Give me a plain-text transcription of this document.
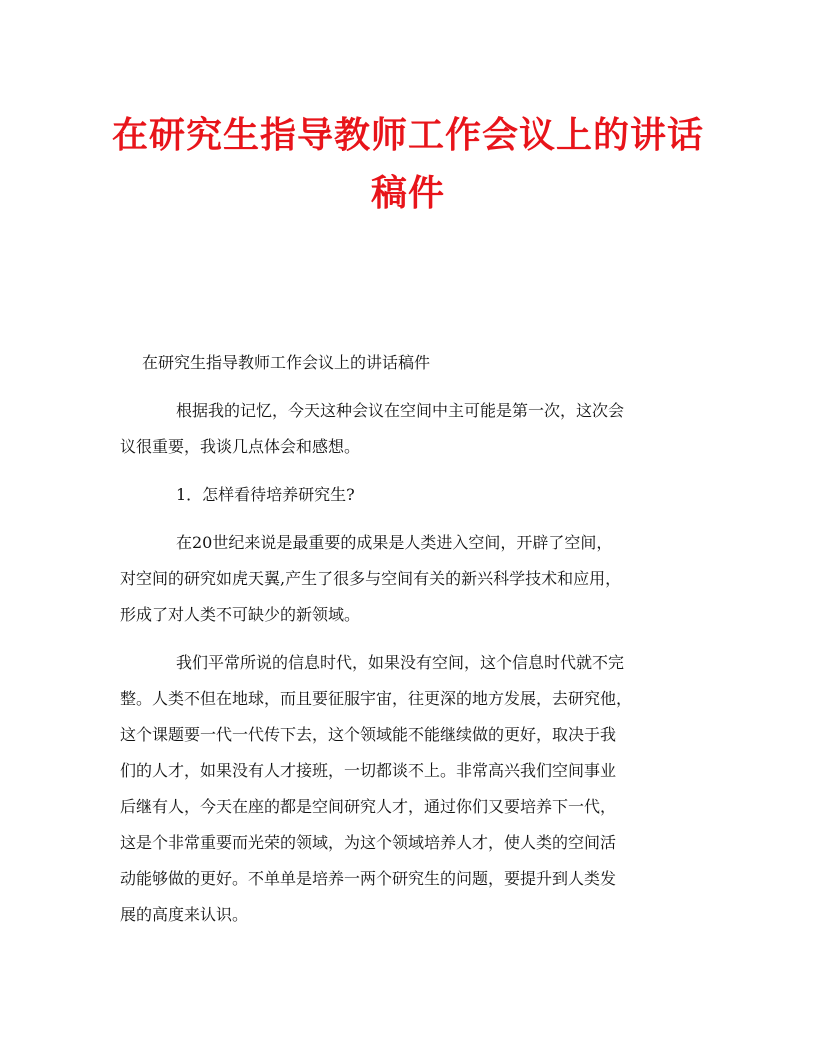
在研究生指导教师工作会议上的讲话
稿件

在研究生指导教师工作会议上的讲话稿件

根据我的记忆，今天这种会议在空间中主可能是第一次，这次会
议很重要，我谈几点体会和感想。

1．怎样看待培养研究生?

在20世纪来说是最重要的成果是人类进入空间，开辟了空间，
对空间的研究如虎天翼,产生了很多与空间有关的新兴科学技术和应用，
形成了对人类不可缺少的新领域。

我们平常所说的信息时代，如果没有空间，这个信息时代就不完
整。人类不但在地球，而且要征服宇宙，往更深的地方发展，去研究他，
这个课题要一代一代传下去，这个领域能不能继续做的更好，取决于我
们的人才，如果没有人才接班，一切都谈不上。非常高兴我们空间事业
后继有人，今天在座的都是空间研究人才，通过你们又要培养下一代，
这是个非常重要而光荣的领域，为这个领域培养人才，使人类的空间活
动能够做的更好。不单单是培养一两个研究生的问题，要提升到人类发
展的高度来认识。
